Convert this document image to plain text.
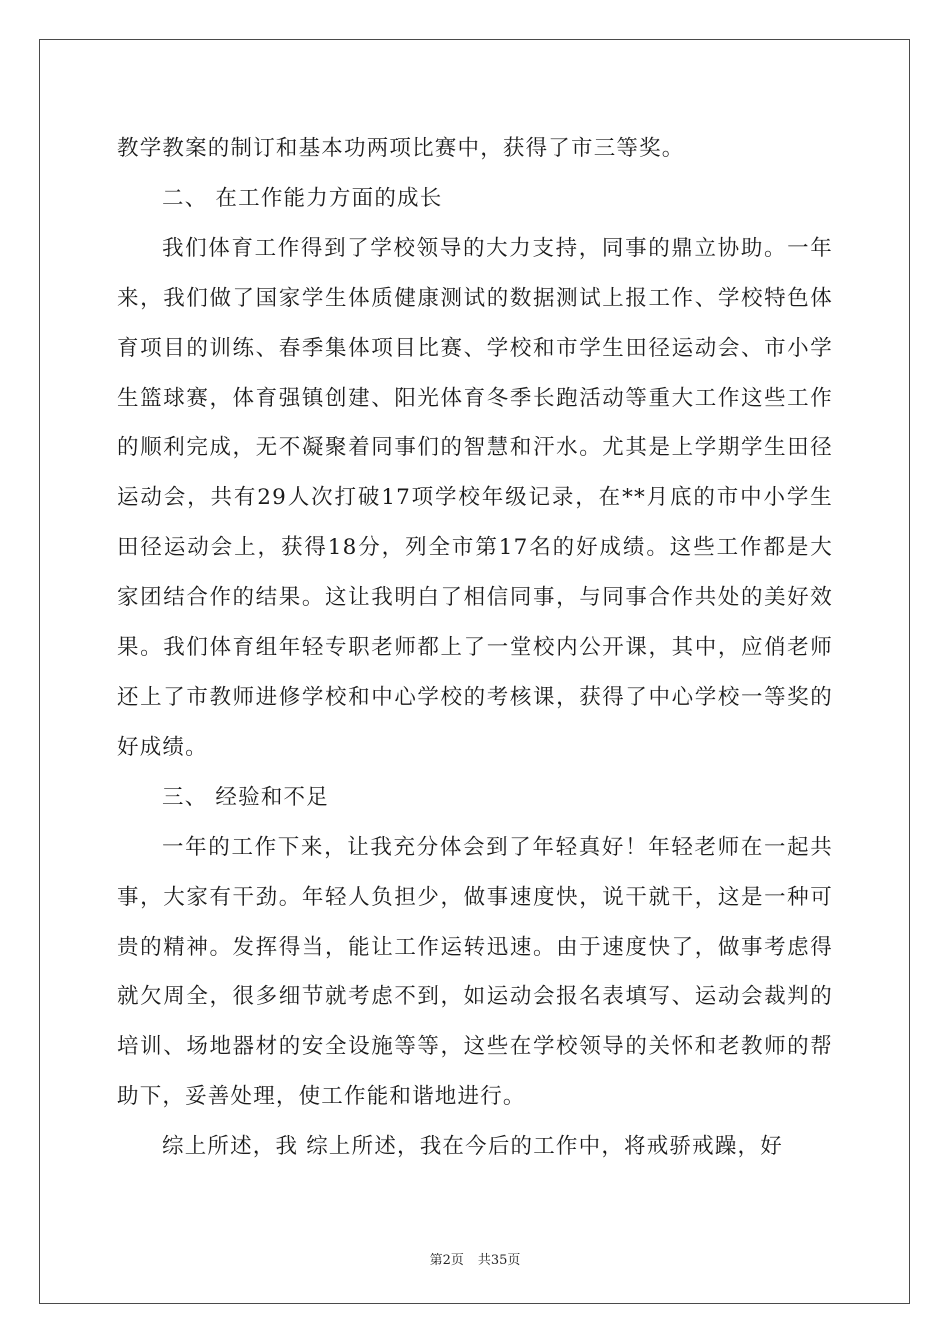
教学教案的制订和基本功两项比赛中，获得了市三等奖。

二、 在工作能力方面的成长

我们体育工作得到了学校领导的大力支持，同事的鼎立协助。一年来，我们做了国家学生体质健康测试的数据测试上报工作、学校特色体育项目的训练、春季集体项目比赛、学校和市学生田径运动会、市小学生篮球赛，体育强镇创建、阳光体育冬季长跑活动等重大工作这些工作的顺利完成，无不凝聚着同事们的智慧和汗水。尤其是上学期学生田径运动会，共有29人次打破17项学校年级记录，在**月底的市中小学生田径运动会上，获得18分，列全市第17名的好成绩。这些工作都是大家团结合作的结果。这让我明白了相信同事，与同事合作共处的美好效果。我们体育组年轻专职老师都上了一堂校内公开课，其中，应俏老师还上了市教师进修学校和中心学校的考核课，获得了中心学校一等奖的好成绩。

三、 经验和不足

一年的工作下来，让我充分体会到了年轻真好！年轻老师在一起共事，大家有干劲。年轻人负担少，做事速度快，说干就干，这是一种可贵的精神。发挥得当，能让工作运转迅速。由于速度快了，做事考虑得就欠周全，很多细节就考虑不到，如运动会报名表填写、运动会裁判的培训、场地器材的安全设施等等，这些在学校领导的关怀和老教师的帮助下，妥善处理，使工作能和谐地进行。

综上所述，我 综上所述，我在今后的工作中，将戒骄戒躁，好

第2页 共35页
